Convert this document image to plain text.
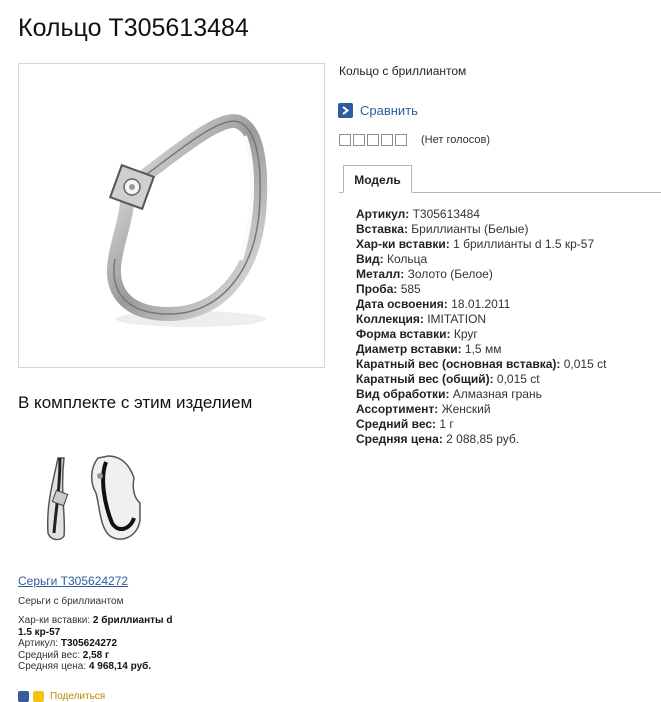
Кольцо Т305613484
Кольцо с бриллиантом
Сравнить
(Нет голосов)
Модель
Артикул: Т305613484
Вставка: Бриллианты (Белые)
Хар-ки вставки: 1 бриллианты d 1.5 кр-57
Вид: Кольца
Металл: Золото (Белое)
Проба: 585
Дата освоения: 18.01.2011
Коллекция: IMITATION
Форма вставки: Круг
Диаметр вставки: 1,5 мм
Каратный вес (основная вставка): 0,015 ct
Каратный вес (общий): 0,015 ct
Вид обработки: Алмазная грань
Ассортимент: Женский
Средний вес: 1 г
Средняя цена: 2 088,85 руб.
В комплекте с этим изделием
Серьги Т305624272
Серьги с бриллиантом
Хар-ки вставки: 2 бриллианты d 1.5 кр-57
Артикул: Т305624272
Средний вес: 2,58 г
Средняя цена: 4 968,14 руб.
Поделиться
